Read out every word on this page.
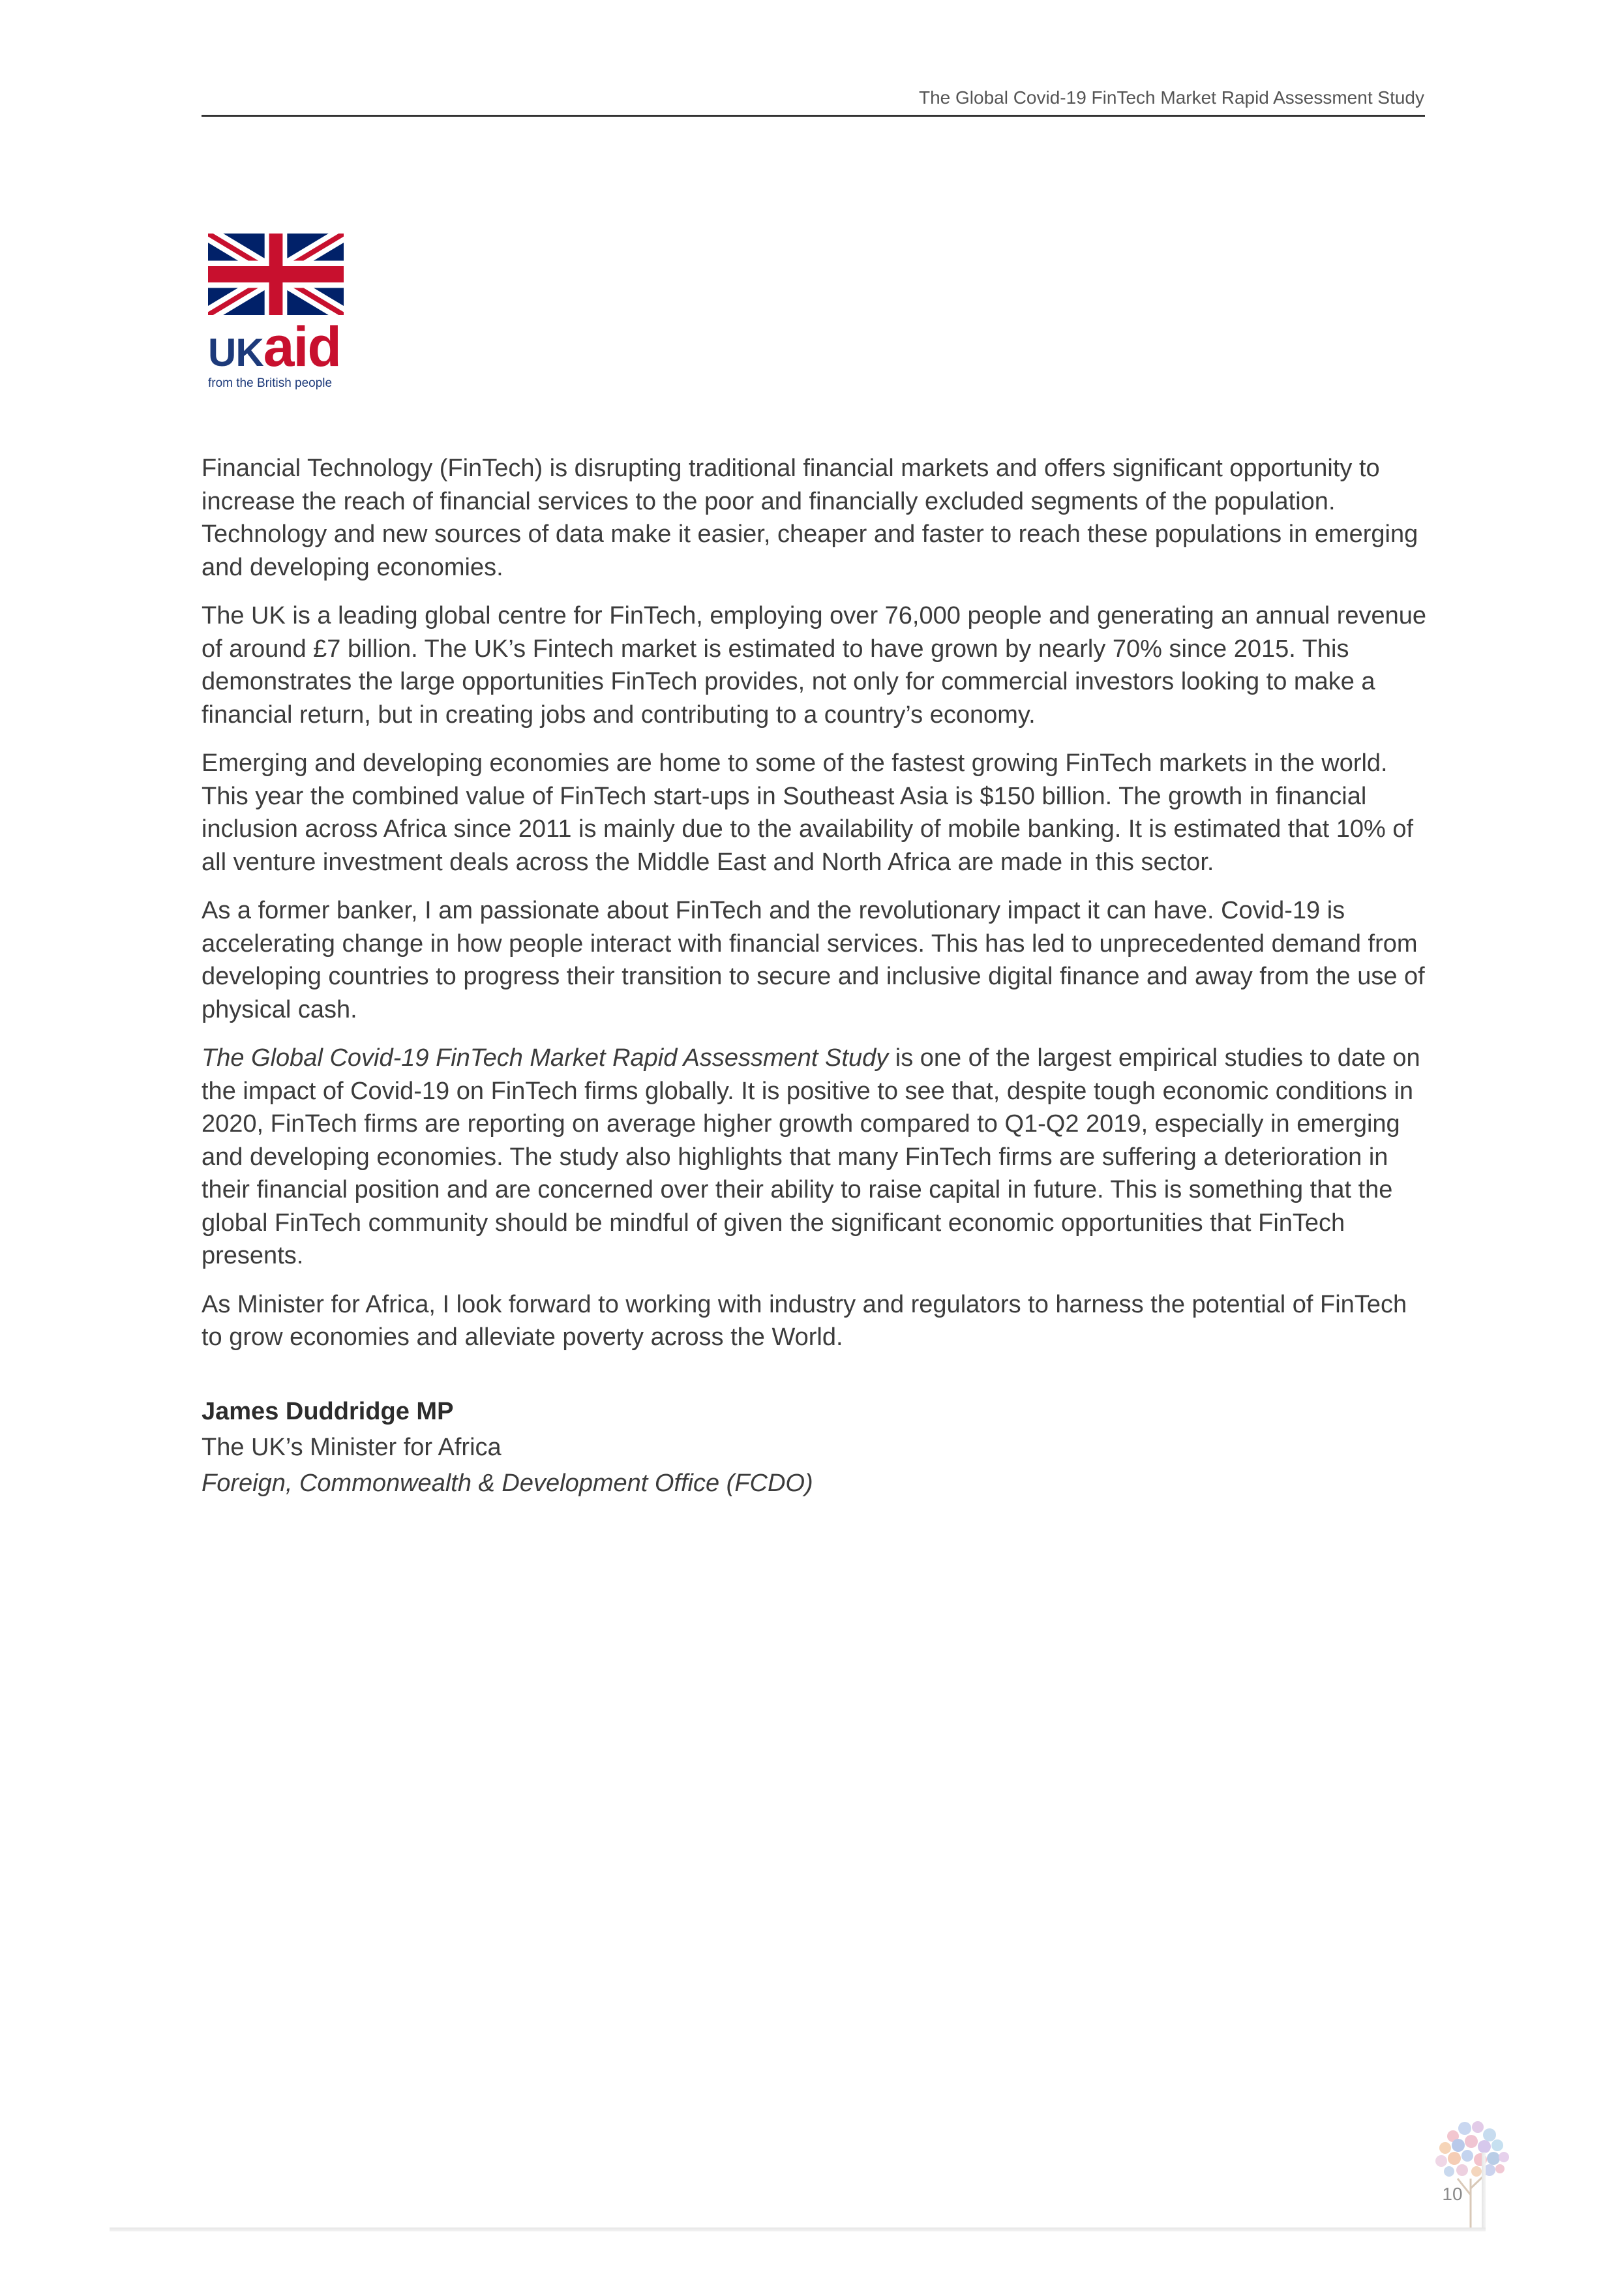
The Global Covid-19 FinTech Market Rapid Assessment Study
UK aid
from the British people

Financial Technology (FinTech) is disrupting traditional financial markets and offers significant opportunity to increase the reach of financial services to the poor and financially excluded segments of the population. Technology and new sources of data make it easier, cheaper and faster to reach these populations in emerging and developing economies.

The UK is a leading global centre for FinTech, employing over 76,000 people and generating an annual revenue of around £7 billion. The UK’s Fintech market is estimated to have grown by nearly 70% since 2015. This demonstrates the large opportunities FinTech provides, not only for commercial investors looking to make a financial return, but in creating jobs and contributing to a country’s economy.

Emerging and developing economies are home to some of the fastest growing FinTech markets in the world. This year the combined value of FinTech start-ups in Southeast Asia is $150 billion. The growth in financial inclusion across Africa since 2011 is mainly due to the availability of mobile banking. It is estimated that 10% of all venture investment deals across the Middle East and North Africa are made in this sector.

As a former banker, I am passionate about FinTech and the revolutionary impact it can have. Covid-19 is accelerating change in how people interact with financial services. This has led to unprecedented demand from developing countries to progress their transition to secure and inclusive digital finance and away from the use of physical cash.

The Global Covid-19 FinTech Market Rapid Assessment Study is one of the largest empirical studies to date on the impact of Covid-19 on FinTech firms globally. It is positive to see that, despite tough economic conditions in 2020, FinTech firms are reporting on average higher growth compared to Q1-Q2 2019, especially in emerging and developing economies. The study also highlights that many FinTech firms are suffering a deterioration in their financial position and are concerned over their ability to raise capital in future. This is something that the global FinTech community should be mindful of given the significant economic opportunities that FinTech presents.

As Minister for Africa, I look forward to working with industry and regulators to harness the potential of FinTech to grow economies and alleviate poverty across the World.

James Duddridge MP
The UK’s Minister for Africa
Foreign, Commonwealth & Development Office (FCDO)
10
